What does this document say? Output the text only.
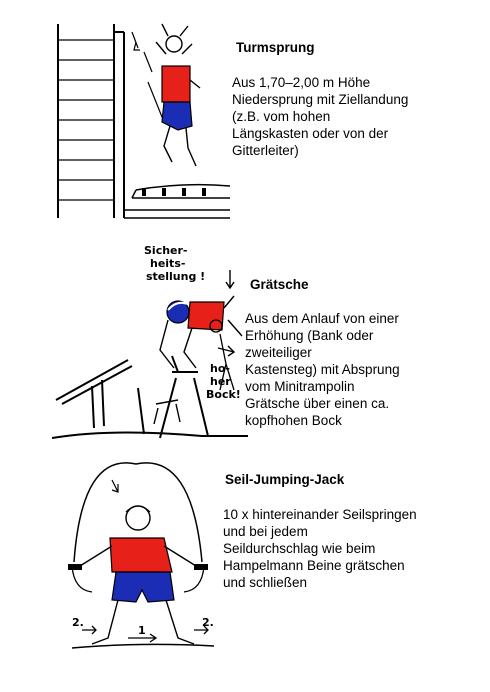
Turmsprung
Aus 1,70–2,00 m Höhe
Niedersprung mit Ziellandung
(z.B. vom hohen
Längskasten oder von der
Gitterleiter)
Sicher-
heits-
stellung !
ho-
her
Bock!
Grätsche
Aus dem Anlauf von einer
Erhöhung (Bank oder
zweiteiliger
Kastensteg) mit Absprung
vom Minitrampolin
Grätsche über einen ca.
kopfhohen Bock
1
2.	2.
Seil-Jumping-Jack
10 x hintereinander Seilspringen
und bei jedem
Seildurchschlag wie beim
Hampelmann Beine grätschen
und schließen
